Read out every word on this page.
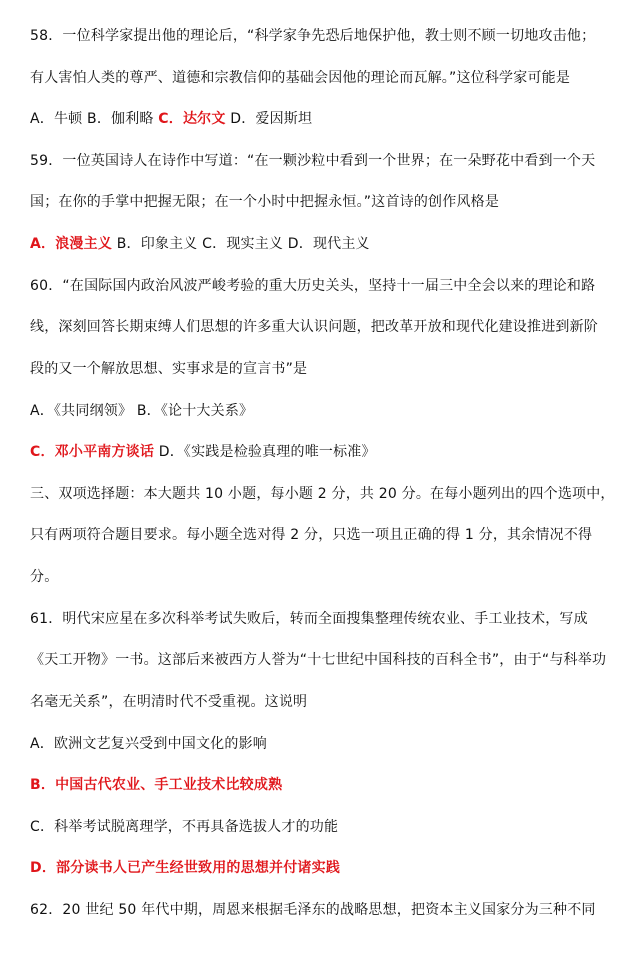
58．一位科学家提出他的理论后，“科学家争先恐后地保护他，教士则不顾一切地攻击他；
有人害怕人类的尊严、道德和宗教信仰的基础会因他的理论而瓦解。”这位科学家可能是
A．牛顿 B．伽利略 C．达尔文 D．爱因斯坦
59．一位英国诗人在诗作中写道：“在一颗沙粒中看到一个世界；在一朵野花中看到一个天
国；在你的手掌中把握无限；在一个小时中把握永恒。”这首诗的创作风格是
A．浪漫主义 B．印象主义 C．现实主义 D．现代主义
60．“在国际国内政治风波严峻考验的重大历史关头，坚持十一届三中全会以来的理论和路
线，深刻回答长期束缚人们思想的许多重大认识问题，把改革开放和现代化建设推进到新阶
段的又一个解放思想、实事求是的宣言书”是
A．《共同纲领》 B．《论十大关系》
C．邓小平南方谈话 D．《实践是检验真理的唯一标准》
三、双项选择题：本大题共 10 小题，每小题 2 分，共 20 分。在每小题列出的四个选项中，
只有两项符合题目要求。每小题全选对得 2 分，只选一项且正确的得 1 分，其余情况不得
分。
61．明代宋应星在多次科举考试失败后，转而全面搜集整理传统农业、手工业技术，写成
《天工开物》一书。这部后来被西方人誉为“十七世纪中国科技的百科全书”，由于“与科举功
名毫无关系”，在明清时代不受重视。这说明
A．欧洲文艺复兴受到中国文化的影响
B．中国古代农业、手工业技术比较成熟
C．科举考试脱离理学，不再具备选拔人才的功能
D．部分读书人已产生经世致用的思想并付诸实践
62．20 世纪 50 年代中期，周恩来根据毛泽东的战略思想，把资本主义国家分为三种不同
